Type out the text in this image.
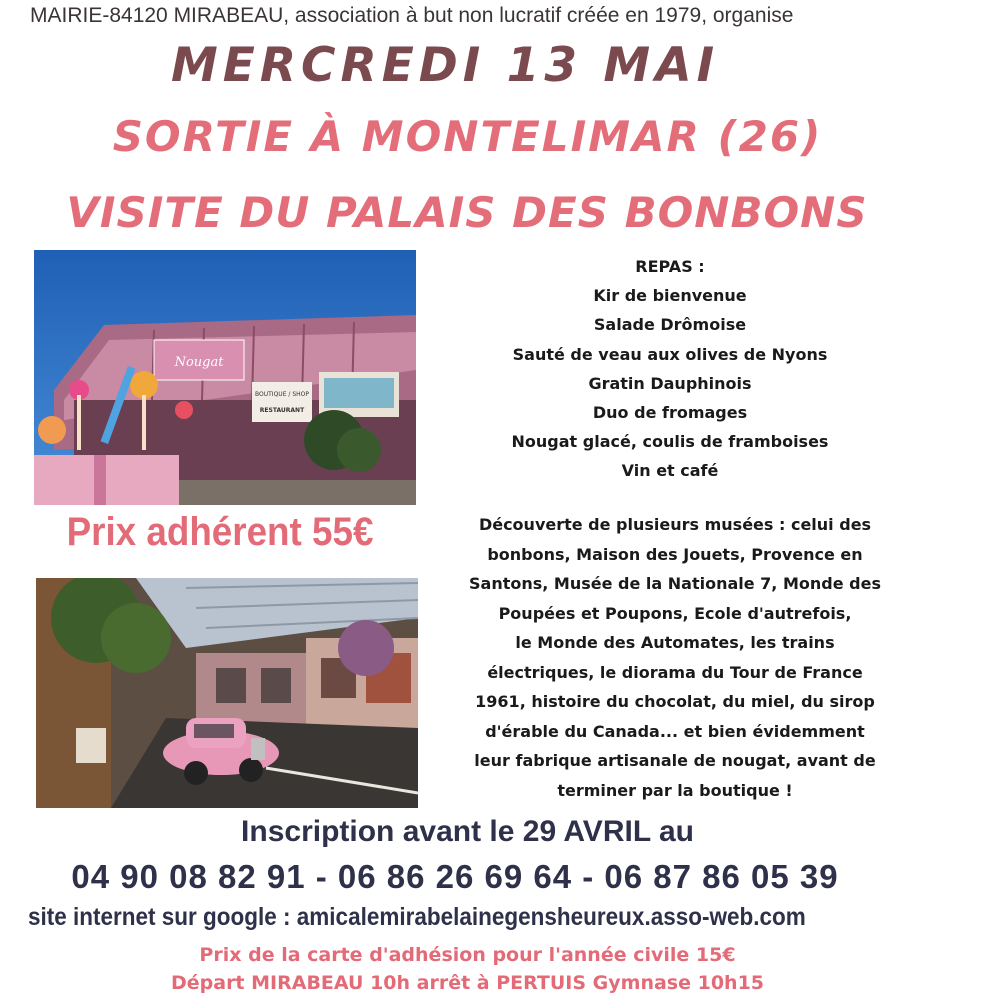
MAIRIE-84120 MIRABEAU, association à but non lucratif créée en 1979, organise
MERCREDI 13 MAI
SORTIE À MONTELIMAR (26)
VISITE DU PALAIS DES BONBONS
Nougat
BOUTIQUE / SHOP
RESTAURANT
Prix adhérent 55€
REPAS :
Kir de bienvenue
Salade Drômoise
Sauté de veau aux olives de Nyons
Gratin Dauphinois
Duo de fromages
Nougat glacé, coulis de framboises
Vin et café
Découverte de plusieurs musées : celui des
bonbons, Maison des Jouets, Provence en
Santons, Musée de la Nationale 7, Monde des
Poupées et Poupons, Ecole d'autrefois,
le Monde des Automates, les trains
électriques, le diorama du Tour de France
1961, histoire du chocolat, du miel, du sirop
d'érable du Canada... et bien évidemment
leur fabrique artisanale de nougat, avant de
terminer par la boutique !
Inscription avant le 29 AVRIL au
04 90 08 82 91 - 06 86 26 69 64 - 06 87 86 05 39
site internet sur google : amicalemirabelainegensheureux.asso-web.com
Prix de la carte d'adhésion pour l'année civile 15€
Départ MIRABEAU 10h arrêt à PERTUIS Gymnase 10h15
